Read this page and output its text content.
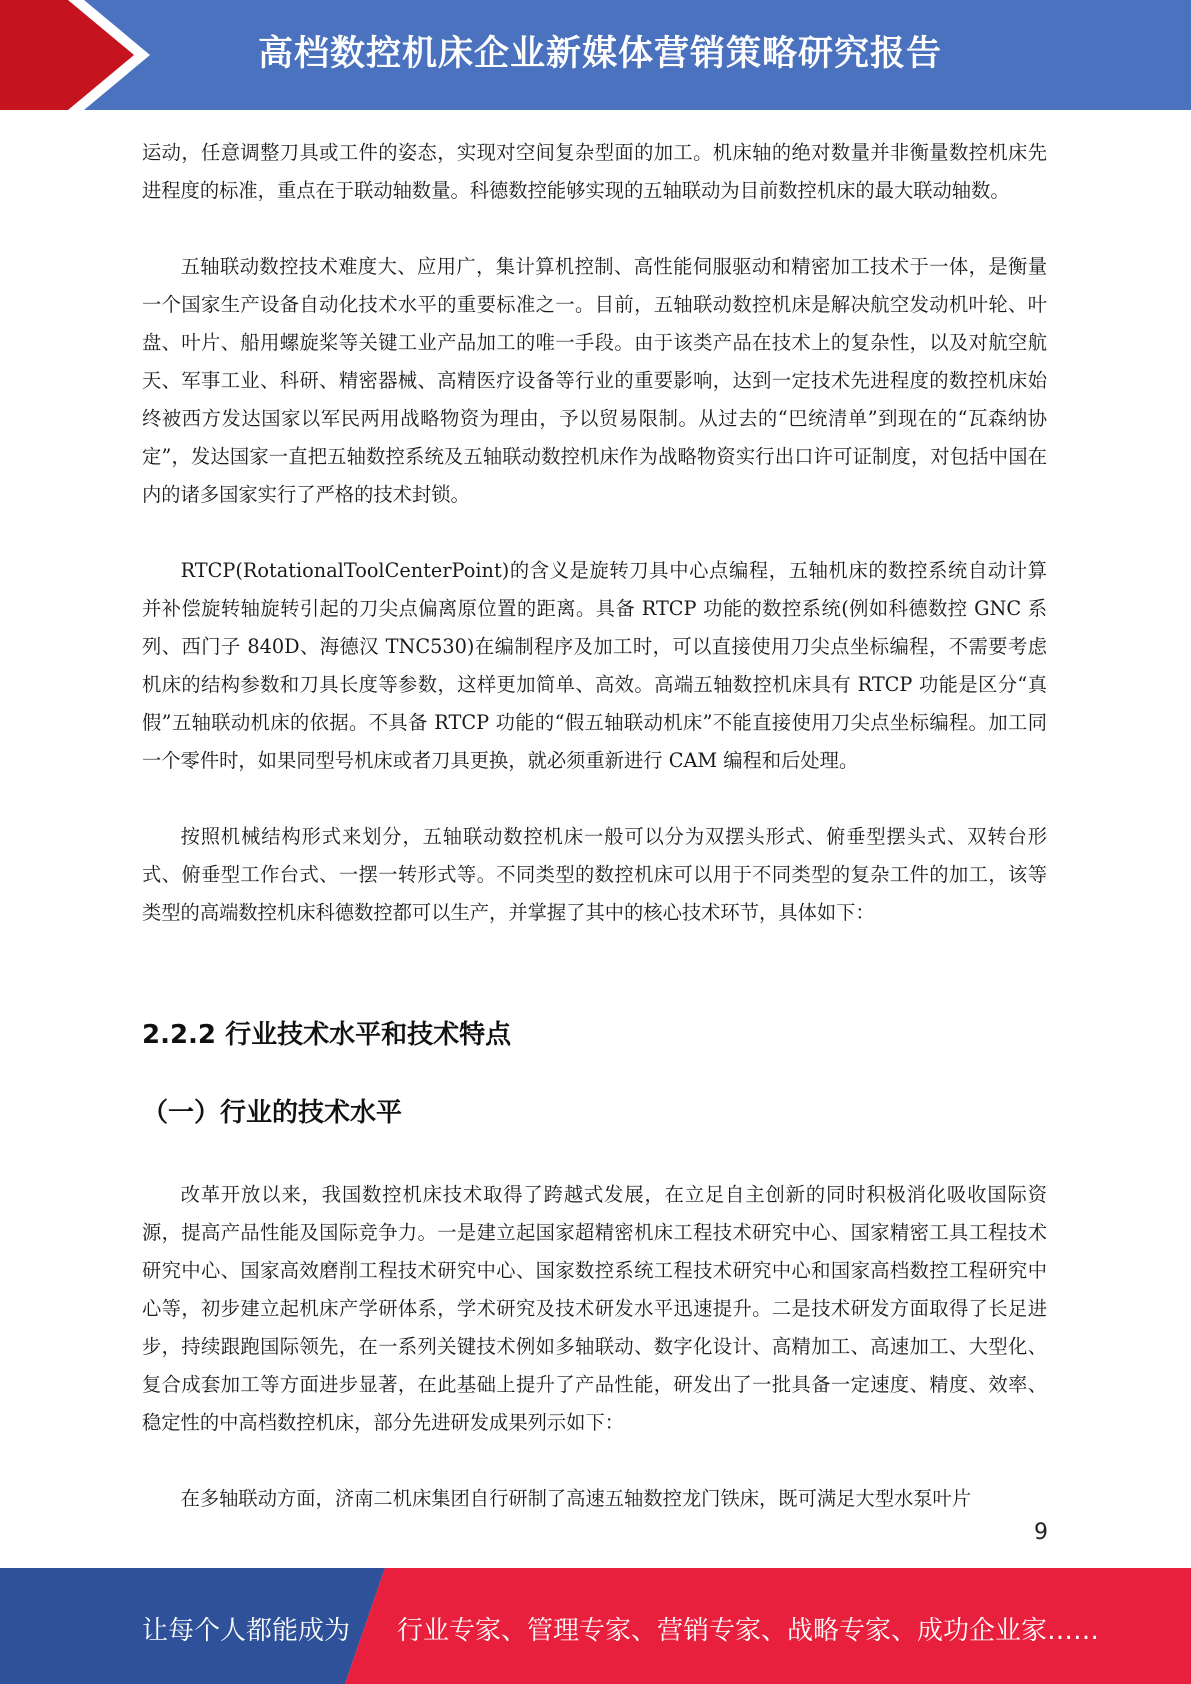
高档数控机床企业新媒体营销策略研究报告

运动，任意调整刀具或工件的姿态，实现对空间复杂型面的加工。机床轴的绝对数量并非衡量数控机床先进程度的标准，重点在于联动轴数量。科德数控能够实现的五轴联动为目前数控机床的最大联动轴数。

五轴联动数控技术难度大、应用广，集计算机控制、高性能伺服驱动和精密加工技术于一体，是衡量一个国家生产设备自动化技术水平的重要标准之一。目前，五轴联动数控机床是解决航空发动机叶轮、叶盘、叶片、船用螺旋桨等关键工业产品加工的唯一手段。由于该类产品在技术上的复杂性，以及对航空航天、军事工业、科研、精密器械、高精医疗设备等行业的重要影响，达到一定技术先进程度的数控机床始终被西方发达国家以军民两用战略物资为理由，予以贸易限制。从过去的“巴统清单”到现在的“瓦森纳协定”，发达国家一直把五轴数控系统及五轴联动数控机床作为战略物资实行出口许可证制度，对包括中国在内的诸多国家实行了严格的技术封锁。

RTCP(RotationalToolCenterPoint)的含义是旋转刀具中心点编程，五轴机床的数控系统自动计算并补偿旋转轴旋转引起的刀尖点偏离原位置的距离。具备 RTCP 功能的数控系统(例如科德数控 GNC 系列、西门子 840D、海德汉 TNC530)在编制程序及加工时，可以直接使用刀尖点坐标编程，不需要考虑机床的结构参数和刀具长度等参数，这样更加简单、高效。高端五轴数控机床具有 RTCP 功能是区分“真假”五轴联动机床的依据。不具备 RTCP 功能的“假五轴联动机床”不能直接使用刀尖点坐标编程。加工同一个零件时，如果同型号机床或者刀具更换，就必须重新进行 CAM 编程和后处理。

按照机械结构形式来划分，五轴联动数控机床一般可以分为双摆头形式、俯垂型摆头式、双转台形式、俯垂型工作台式、一摆一转形式等。不同类型的数控机床可以用于不同类型的复杂工件的加工，该等类型的高端数控机床科德数控都可以生产，并掌握了其中的核心技术环节，具体如下：

2.2.2 行业技术水平和技术特点
（一）行业的技术水平

改革开放以来，我国数控机床技术取得了跨越式发展，在立足自主创新的同时积极消化吸收国际资源，提高产品性能及国际竞争力。一是建立起国家超精密机床工程技术研究中心、国家精密工具工程技术研究中心、国家高效磨削工程技术研究中心、国家数控系统工程技术研究中心和国家高档数控工程研究中心等，初步建立起机床产学研体系，学术研究及技术研发水平迅速提升。二是技术研发方面取得了长足进步，持续跟跑国际领先，在一系列关键技术例如多轴联动、数字化设计、高精加工、高速加工、大型化、复合成套加工等方面进步显著，在此基础上提升了产品性能，研发出了一批具备一定速度、精度、效率、稳定性的中高档数控机床，部分先进研发成果列示如下：

在多轴联动方面，济南二机床集团自行研制了高速五轴数控龙门铁床，既可满足大型水泵叶片

9
让每个人都能成为 行业专家、管理专家、营销专家、战略专家、成功企业家……
